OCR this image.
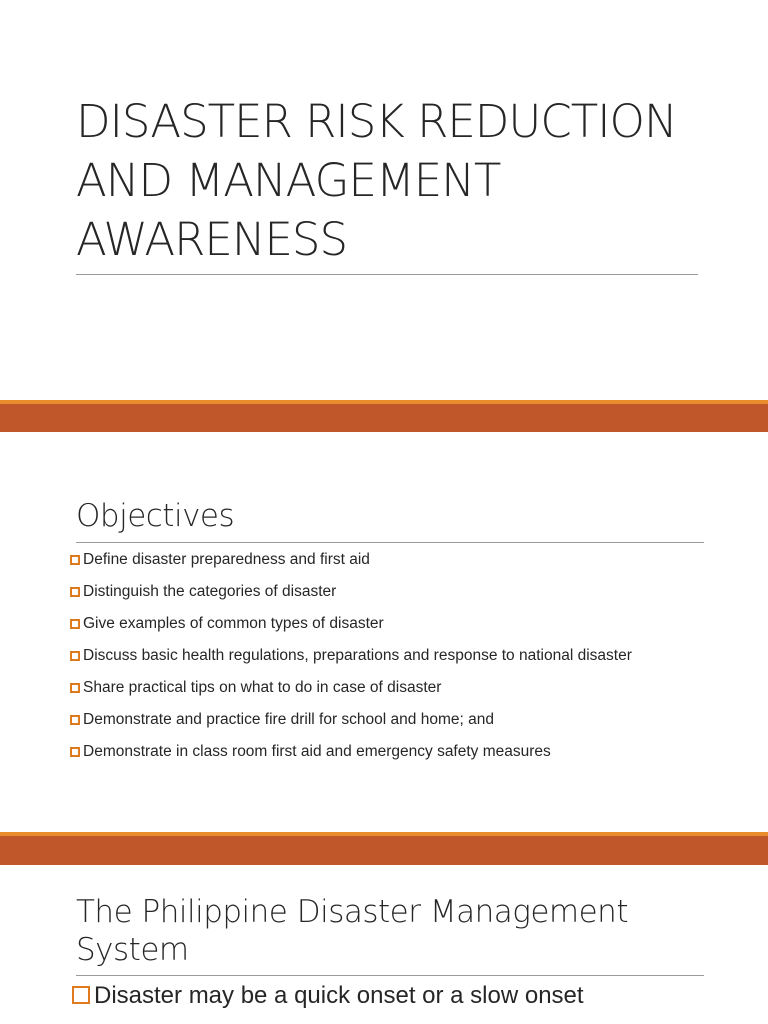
DISASTER RISK REDUCTION
AND MANAGEMENT
AWARENESS
Objectives
Define disaster preparedness and first aid
Distinguish the categories of disaster
Give examples of common types of disaster
Discuss basic health regulations, preparations and response to national disaster
Share practical tips on what to do in case of disaster
Demonstrate and practice fire drill for school and home; and
Demonstrate in class room first aid and emergency safety measures
The Philippine Disaster Management
System
Disaster may be a quick onset or a slow onset
